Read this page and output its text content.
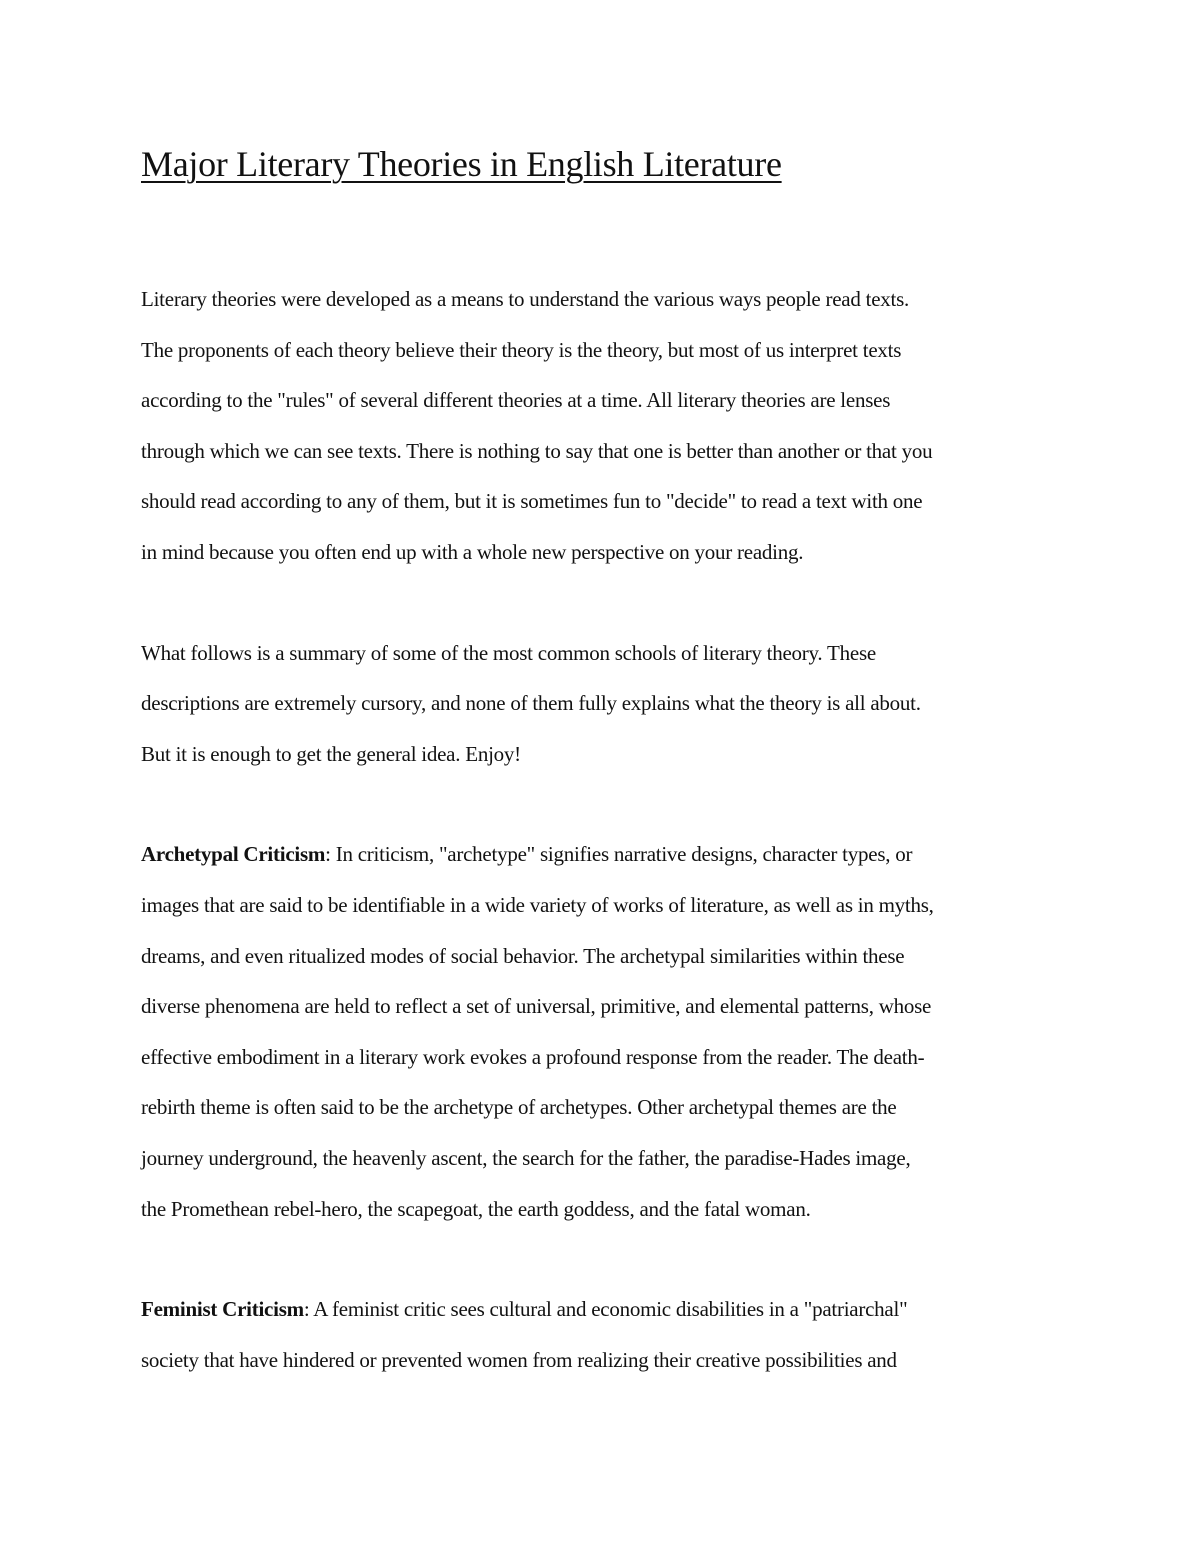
Major Literary Theories in English Literature

Literary theories were developed as a means to understand the various ways people read texts.
The proponents of each theory believe their theory is the theory, but most of us interpret texts
according to the "rules" of several different theories at a time. All literary theories are lenses
through which we can see texts. There is nothing to say that one is better than another or that you
should read according to any of them, but it is sometimes fun to "decide" to read a text with one
in mind because you often end up with a whole new perspective on your reading.

What follows is a summary of some of the most common schools of literary theory. These
descriptions are extremely cursory, and none of them fully explains what the theory is all about.
But it is enough to get the general idea. Enjoy!

Archetypal Criticism: In criticism, "archetype" signifies narrative designs, character types, or
images that are said to be identifiable in a wide variety of works of literature, as well as in myths,
dreams, and even ritualized modes of social behavior. The archetypal similarities within these
diverse phenomena are held to reflect a set of universal, primitive, and elemental patterns, whose
effective embodiment in a literary work evokes a profound response from the reader. The death-
rebirth theme is often said to be the archetype of archetypes. Other archetypal themes are the
journey underground, the heavenly ascent, the search for the father, the paradise-Hades image,
the Promethean rebel-hero, the scapegoat, the earth goddess, and the fatal woman.

Feminist Criticism: A feminist critic sees cultural and economic disabilities in a "patriarchal"
society that have hindered or prevented women from realizing their creative possibilities and
